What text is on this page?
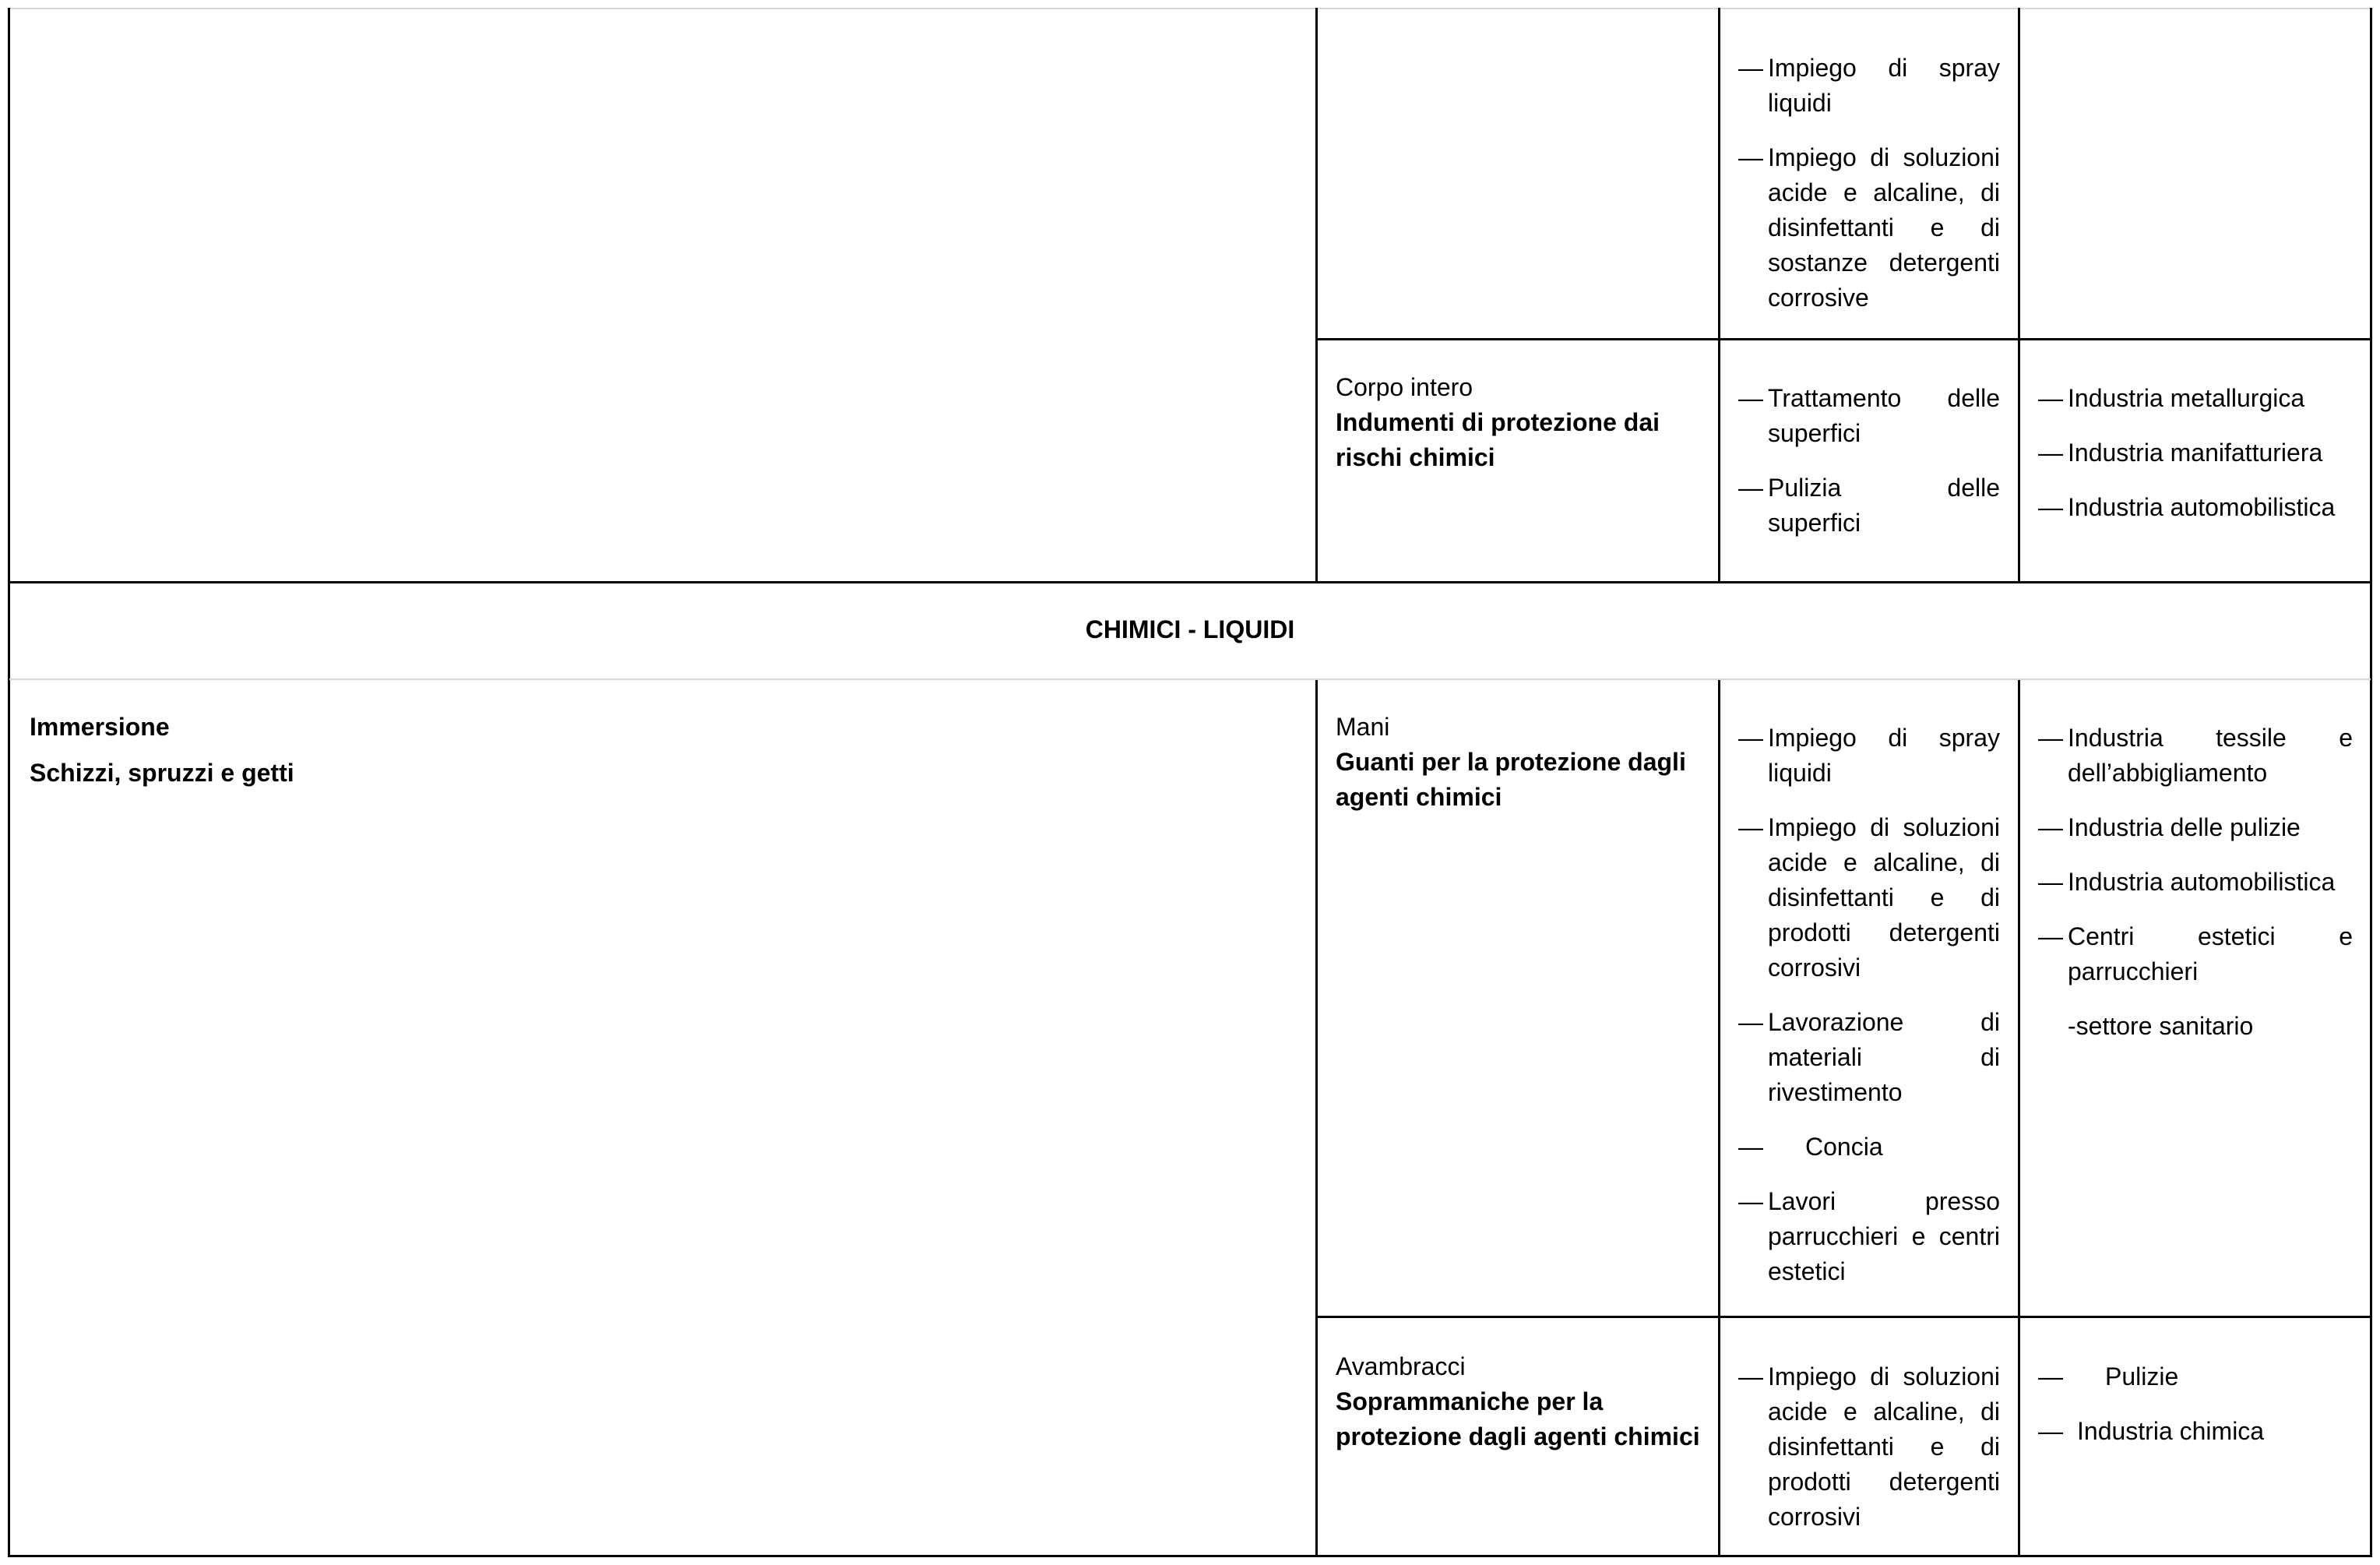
— Impiego di spray liquidi
— Impiego di soluzioni acide e alcaline, di disinfettanti e di sostanze detergenti corrosive
Corpo intero
Indumenti di protezione dai rischi chimici
— Trattamento delle superfici
— Pulizia delle superfici
— Industria metallurgica
— Industria manifatturiera
— Industria automobilistica
CHIMICI - LIQUIDI
Immersione
Schizzi, spruzzi e getti
Mani
Guanti per la protezione dagli agenti chimici
— Impiego di spray liquidi
— Impiego di soluzioni acide e alcaline, di disinfettanti e di prodotti detergenti corrosivi
— Lavorazione di materiali di rivestimento
— Concia
— Lavori presso parrucchieri e centri estetici
— Industria tessile e dell’abbigliamento
— Industria delle pulizie
— Industria automobilistica
— Centri estetici e parrucchieri
-settore sanitario
Avambracci
Soprammaniche per la protezione dagli agenti chimici
— Impiego di soluzioni acide e alcaline, di disinfettanti e di prodotti detergenti corrosivi
— Pulizie
— Industria chimica
